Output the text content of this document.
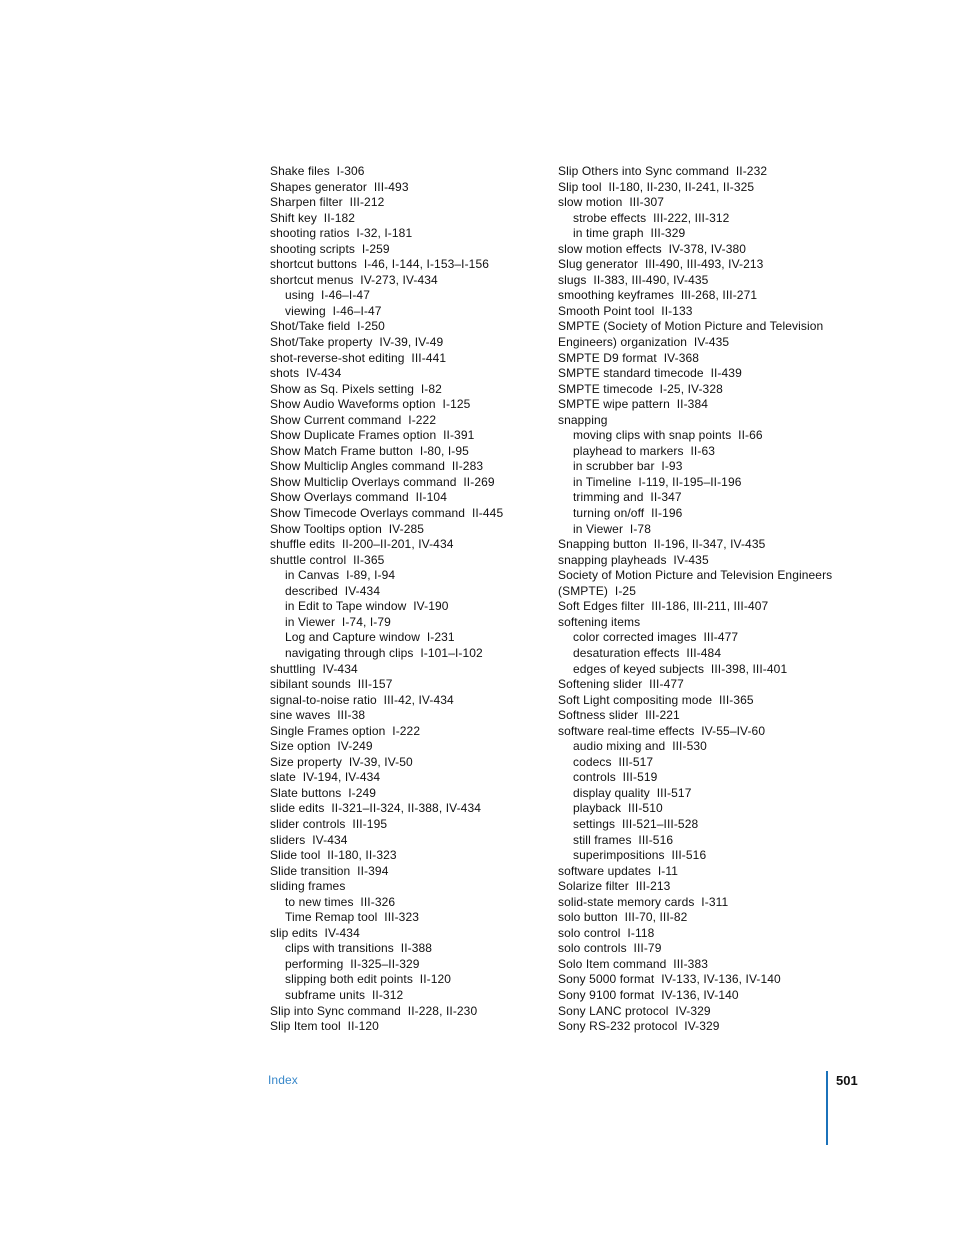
Shake files  I-306
Shapes generator  III-493
Sharpen filter  III-212
Shift key  II-182
shooting ratios  I-32, I-181
shooting scripts  I-259
shortcut buttons  I-46, I-144, I-153–I-156
shortcut menus  IV-273, IV-434
using  I-46–I-47
viewing  I-46–I-47
Shot/Take field  I-250
Shot/Take property  IV-39, IV-49
shot-reverse-shot editing  III-441
shots  IV-434
Show as Sq. Pixels setting  I-82
Show Audio Waveforms option  I-125
Show Current command  I-222
Show Duplicate Frames option  II-391
Show Match Frame button  I-80, I-95
Show Multiclip Angles command  II-283
Show Multiclip Overlays command  II-269
Show Overlays command  II-104
Show Timecode Overlays command  II-445
Show Tooltips option  IV-285
shuffle edits  II-200–II-201, IV-434
shuttle control  II-365
in Canvas  I-89, I-94
described  IV-434
in Edit to Tape window  IV-190
in Viewer  I-74, I-79
Log and Capture window  I-231
navigating through clips  I-101–I-102
shuttling  IV-434
sibilant sounds  III-157
signal-to-noise ratio  III-42, IV-434
sine waves  III-38
Single Frames option  I-222
Size option  IV-249
Size property  IV-39, IV-50
slate  IV-194, IV-434
Slate buttons  I-249
slide edits  II-321–II-324, II-388, IV-434
slider controls  III-195
sliders  IV-434
Slide tool  II-180, II-323
Slide transition  II-394
sliding frames
to new times  III-326
Time Remap tool  III-323
slip edits  IV-434
clips with transitions  II-388
performing  II-325–II-329
slipping both edit points  II-120
subframe units  II-312
Slip into Sync command  II-228, II-230
Slip Item tool  II-120
Slip Others into Sync command  II-232
Slip tool  II-180, II-230, II-241, II-325
slow motion  III-307
strobe effects  III-222, III-312
in time graph  III-329
slow motion effects  IV-378, IV-380
Slug generator  III-490, III-493, IV-213
slugs  II-383, III-490, IV-435
smoothing keyframes  III-268, III-271
Smooth Point tool  II-133
SMPTE (Society of Motion Picture and Television
Engineers) organization  IV-435
SMPTE D9 format  IV-368
SMPTE standard timecode  II-439
SMPTE timecode  I-25, IV-328
SMPTE wipe pattern  II-384
snapping
moving clips with snap points  II-66
playhead to markers  II-63
in scrubber bar  I-93
in Timeline  I-119, II-195–II-196
trimming and  II-347
turning on/off  II-196
in Viewer  I-78
Snapping button  II-196, II-347, IV-435
snapping playheads  IV-435
Society of Motion Picture and Television Engineers
(SMPTE)  I-25
Soft Edges filter  III-186, III-211, III-407
softening items
color corrected images  III-477
desaturation effects  III-484
edges of keyed subjects  III-398, III-401
Softening slider  III-477
Soft Light compositing mode  III-365
Softness slider  III-221
software real-time effects  IV-55–IV-60
audio mixing and  III-530
codecs  III-517
controls  III-519
display quality  III-517
playback  III-510
settings  III-521–III-528
still frames  III-516
superimpositions  III-516
software updates  I-11
Solarize filter  III-213
solid-state memory cards  I-311
solo button  III-70, III-82
solo control  I-118
solo controls  III-79
Solo Item command  III-383
Sony 5000 format  IV-133, IV-136, IV-140
Sony 9100 format  IV-136, IV-140
Sony LANC protocol  IV-329
Sony RS-232 protocol  IV-329
Index	501
